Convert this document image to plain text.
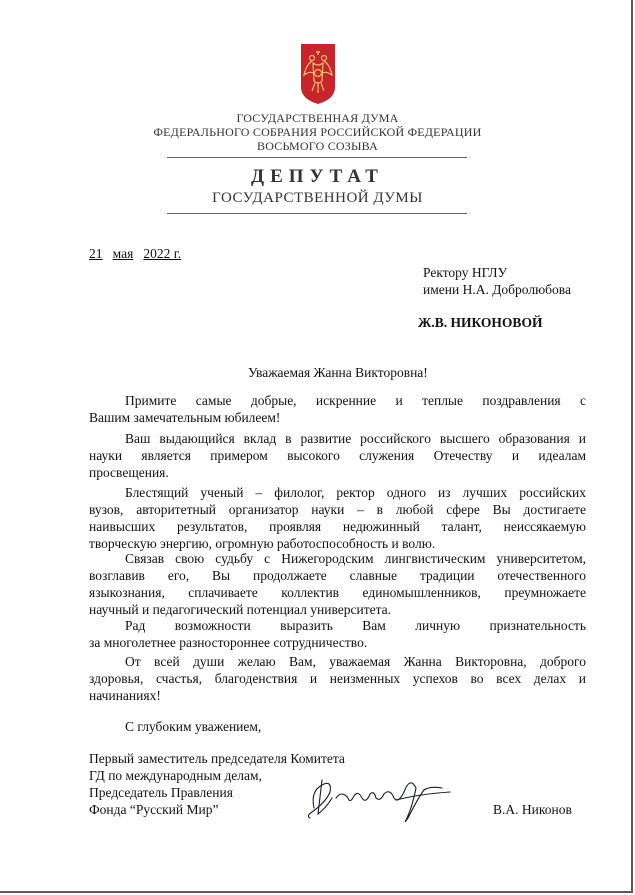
ГОСУДАРСТВЕННАЯ ДУМА
ФЕДЕРАЛЬНОГО СОБРАНИЯ РОССИЙСКОЙ ФЕДЕРАЦИИ
ВОСЬМОГО СОЗЫВА
ДЕПУТАТ
ГОСУДАРСТВЕННОЙ ДУМЫ
21 мая 2022 г.
Ректору НГЛУ
имени Н.А. Добролюбова
Ж.В. НИКОНОВОЙ
Уважаемая Жанна Викторовна!
Примите самые добрые, искренние и теплые поздравления с
Вашим замечательным юбилеем!
Ваш выдающийся вклад в развитие российского высшего образования и
науки является примером высокого служения Отечеству и идеалам
просвещения.
Блестящий ученый – филолог, ректор одного из лучших российских
вузов, авторитетный организатор науки – в любой сфере Вы достигаете
наивысших результатов, проявляя недюжинный талант, неиссякаемую
творческую энергию, огромную работоспособность и волю.
Связав свою судьбу с Нижегородским лингвистическим университетом,
возглавив его, Вы продолжаете славные традиции отечественного
языкознания, сплачиваете коллектив единомышленников, преумножаете
научный и педагогический потенциал университета.
Рад возможности выразить Вам личную признательность
за многолетнее разностороннее сотрудничество.
От всей души желаю Вам, уважаемая Жанна Викторовна, доброго
здоровья, счастья, благоденствия и неизменных успехов во всех делах и
начинаниях!
С глубоким уважением,
Первый заместитель председателя Комитета
ГД по международным делам,
Председатель Правления
Фонда “Русский Мир”	В.А. Никонов
